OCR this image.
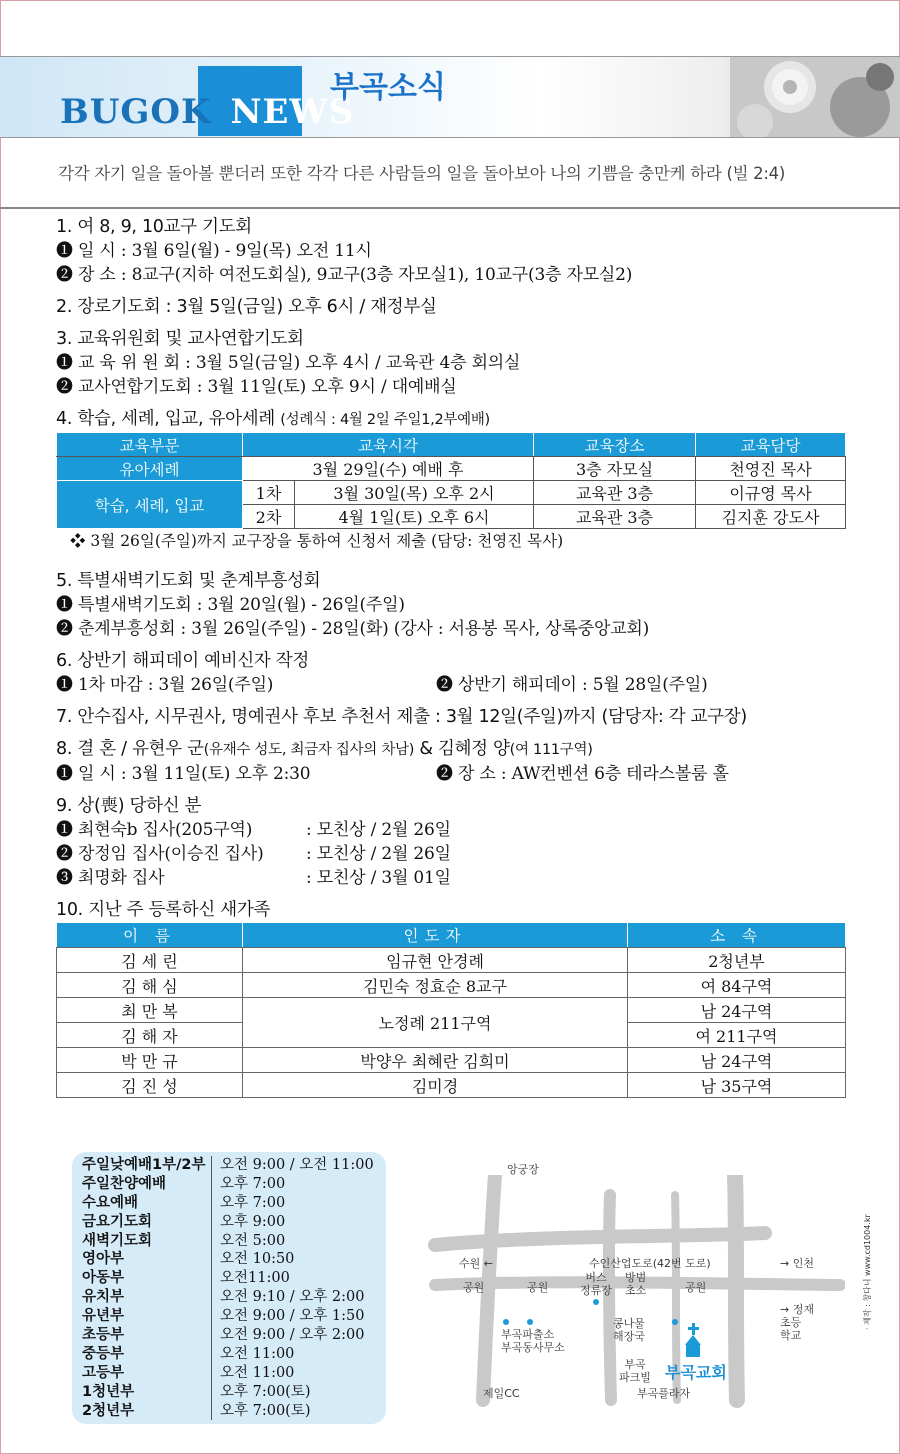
BUGOK NEWS
부곡소식
각각 자기 일을 돌아볼 뿐더러 또한 각각 다른 사람들의 일을 돌아보아 나의 기쁨을 충만케 하라 (빌 2:4)
1. 여 8, 9, 10교구 기도회
❶ 일 시 : 3월 6일(월) - 9일(목) 오전 11시
❷ 장 소 : 8교구(지하 여전도회실), 9교구(3층 자모실1), 10교구(3층 자모실2)
2. 장로기도회 : 3월 5일(금일) 오후 6시 / 재정부실
3. 교육위원회 및 교사연합기도회
❶ 교 육 위 원 회 : 3월 5일(금일) 오후 4시 / 교육관 4층 회의실
❷ 교사연합기도회 : 3월 11일(토) 오후 9시 / 대예배실
4. 학습, 세례, 입교, 유아세례 (성례식 : 4월 2일 주일1,2부예배)
교육부문	교육시각		교육장소	교육담당
유아세례	3월 29일(수) 예배 후		3층 자모실	천영진 목사
학습, 세례, 입교	1차	3월 30일(목) 오후 2시	교육관 3층	이규영 목사
	2차	4월 1일(토) 오후 6시	교육관 3층	김지훈 강도사
❖ 3월 26일(주일)까지 교구장을 통하여 신청서 제출 (담당: 천영진 목사)
5. 특별새벽기도회 및 춘계부흥성회
❶ 특별새벽기도회 : 3월 20일(월) - 26일(주일)
❷ 춘계부흥성회 : 3월 26일(주일) - 28일(화) (강사 : 서용봉 목사, 상록중앙교회)
6. 상반기 해피데이 예비신자 작정
❶ 1차 마감 : 3월 26일(주일)	❷ 상반기 해피데이 : 5월 28일(주일)
7. 안수집사, 시무권사, 명예권사 후보 추천서 제출 : 3월 12일(주일)까지 (담당자: 각 교구장)
8. 결 혼 / 유현우 군(유재수 성도, 최금자 집사의 차남) & 김혜정 양(여 111구역)
❶ 일 시 : 3월 11일(토) 오후 2:30	❷ 장 소 : AW컨벤션 6층 테라스볼룸 홀
9. 상(喪) 당하신 분
❶ 최현숙b 집사(205구역)	: 모친상 / 2월 26일
❷ 장정임 집사(이승진 집사)	: 모친상 / 2월 26일
❸ 최명화 집사	: 모친상 / 3월 01일
10. 지난 주 등록하신 새가족
이 름	인도자	소 속
김 세 린	임규현 안경례	2청년부
김 해 심	김민숙 정효순 8교구	여 84구역
최 만 복	노정례 211구역	남 24구역
김 해 자		여 211구역
박 만 규	박양우 최혜란 김희미	남 24구역
김 진 성	김미경	남 35구역
주일낮예배1부/2부 오전 9:00 / 오전 11:00
주일찬양예배	오후 7:00
수요예배	오후 7:00
금요기도회	오후 9:00
새벽기도회	오전 5:00
영아부	오전 10:50
아동부	오전11:00
유치부	오전 9:10 / 오후 2:00
유년부	오전 9:00 / 오후 1:50
초등부	오전 9:00 / 오후 2:00
중등부	오전 11:00
고등부	오전 11:00
1청년부	오후 7:00(토)
2청년부	오후 7:00(토)
앙궁장
수원 ←	수인산업도로(42번 도로)	→ 인천
공원	공원	공원
버스
정류장
방범
초소
→ 정재
초등
학교
부곡파출소
부곡동사무소
콩나물
해장국
부곡
파크빌 부곡교회
제일CC	부곡플라자
· 제작 : 창다니 www.cd1004.kr
